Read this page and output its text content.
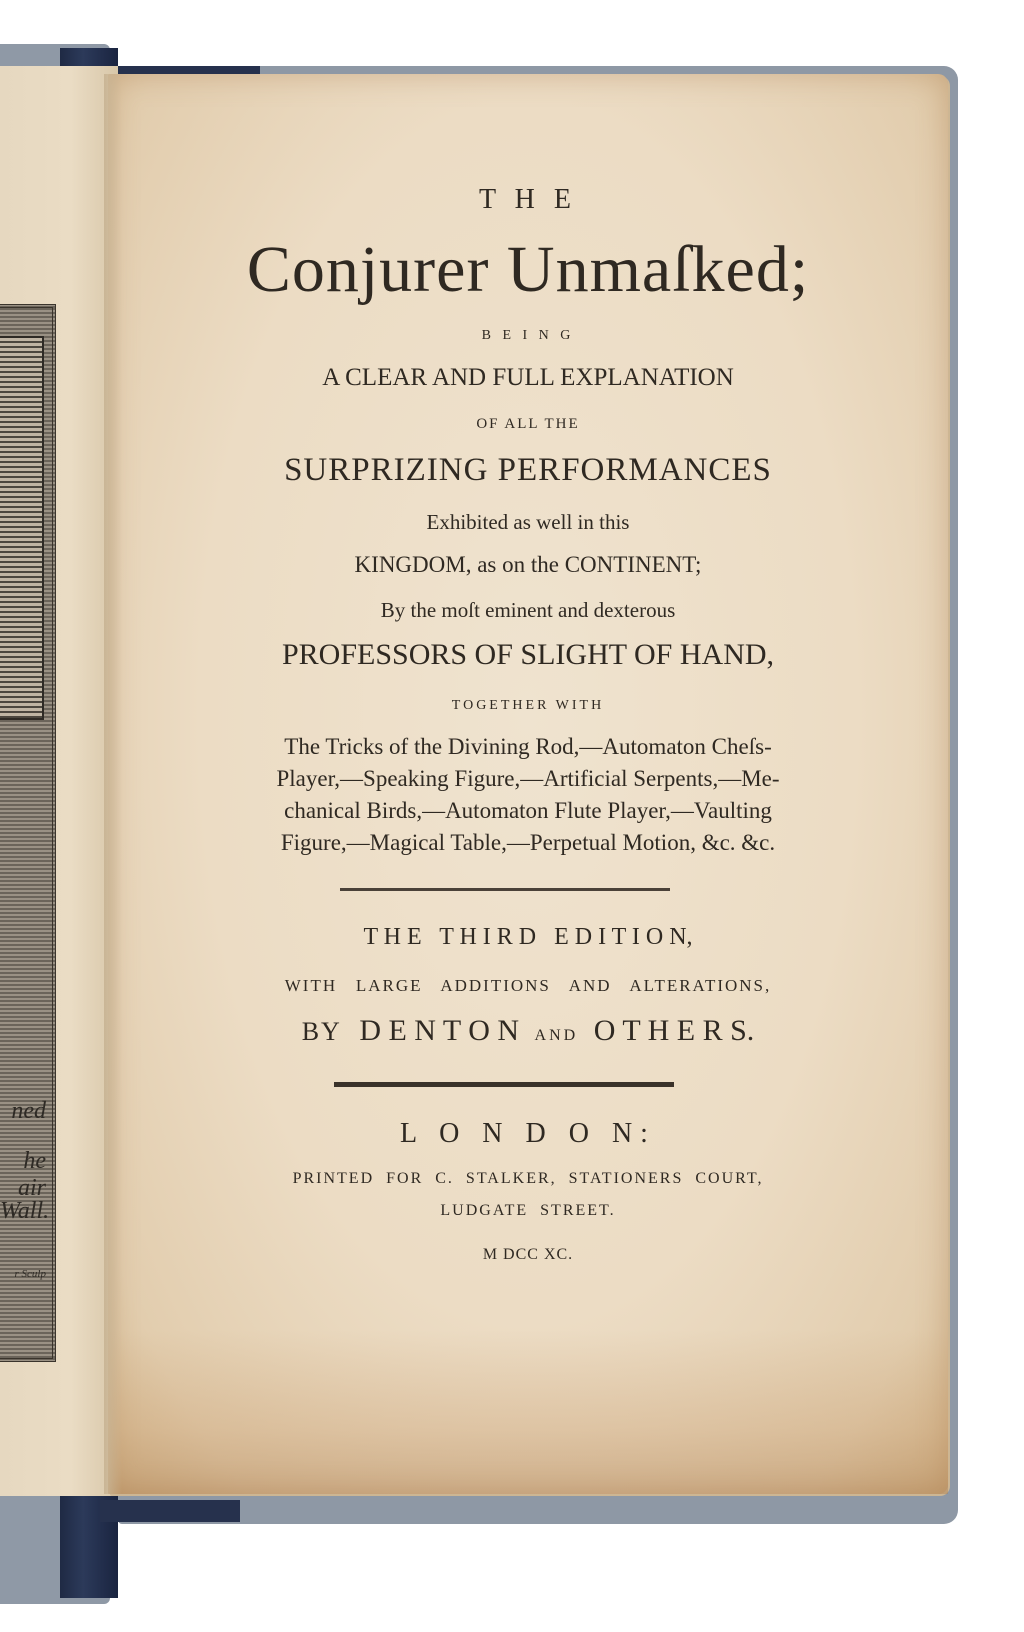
ned
he air
Wall.
r Sculp
T H E
Conjurer Unmaſked;
B E I N G
A CLEAR AND FULL EXPLANATION
OF ALL THE
SURPRIZING PERFORMANCES
Exhibited as well in this
KINGDOM, as on the CONTINENT;
By the moſt eminent and dexterous
PROFESSORS OF SLIGHT OF HAND,
TOGETHER WITH
The Tricks of the Divining Rod,—Automaton Cheſs-
Player,—Speaking Figure,—Artificial Serpents,—Me-
chanical Birds,—Automaton Flute Player,—Vaulting
Figure,—Magical Table,—Perpetual Motion, &c. &c.
T H E   T H I R D   E D I T I O N,
WITH   LARGE   ADDITIONS   AND   ALTERATIONS,
BY D E N T O N AND O T H E R S.
L O N D O N:
PRINTED  FOR  C.  STALKER,  STATIONERS  COURT,
LUDGATE  STREET.
M DCC XC.
